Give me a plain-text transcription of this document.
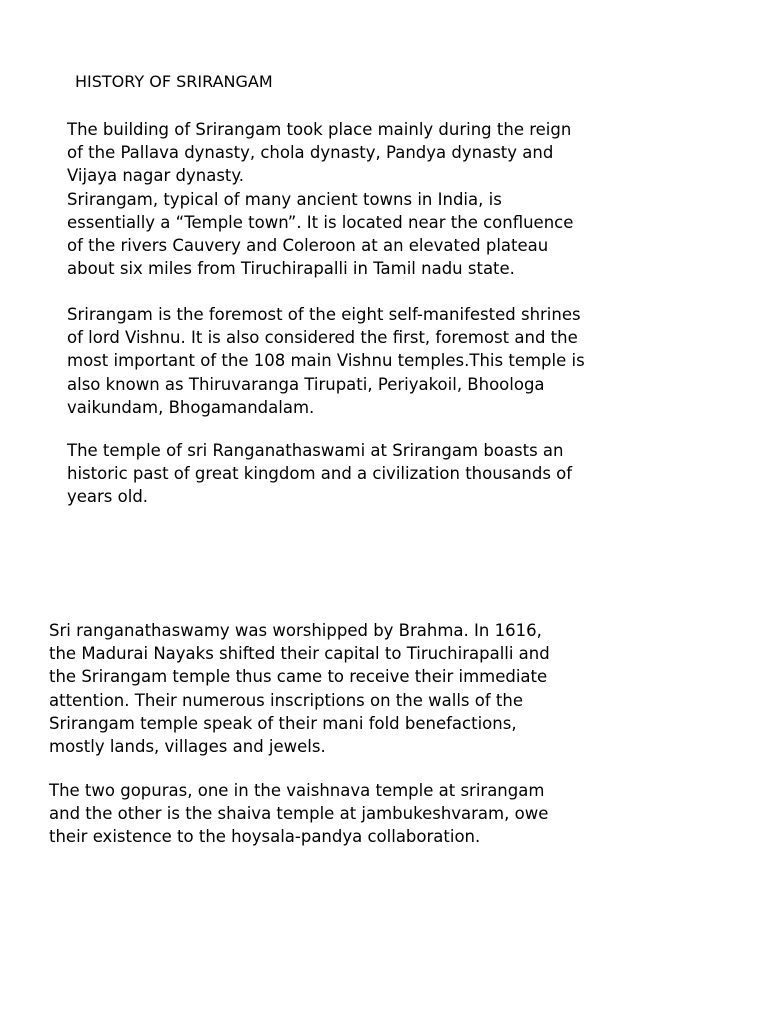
HISTORY OF SRIRANGAM
The building of Srirangam took place mainly during the reign
of the Pallava dynasty, chola dynasty, Pandya dynasty and
Vijaya nagar dynasty.
Srirangam, typical of many ancient towns in India, is
essentially a “Temple town”. It is located near the confluence
of the rivers Cauvery and Coleroon at an elevated plateau
about six miles from Tiruchirapalli in Tamil nadu state.
Srirangam is the foremost of the eight self-manifested shrines
of lord Vishnu. It is also considered the first, foremost and the
most important of the 108 main Vishnu temples.This temple is
also known as Thiruvaranga Tirupati, Periyakoil, Bhoologa
vaikundam, Bhogamandalam.
The temple of sri Ranganathaswami at Srirangam boasts an
historic past of great kingdom and a civilization thousands of
years old.
Sri ranganathaswamy was worshipped by Brahma. In 1616,
the Madurai Nayaks shifted their capital to Tiruchirapalli and
the Srirangam temple thus came to receive their immediate
attention. Their numerous inscriptions on the walls of the
Srirangam temple speak of their mani fold benefactions,
mostly lands, villages and jewels.
The two gopuras, one in the vaishnava temple at srirangam
and the other is the shaiva temple at jambukeshvaram, owe
their existence to the hoysala-pandya collaboration.
